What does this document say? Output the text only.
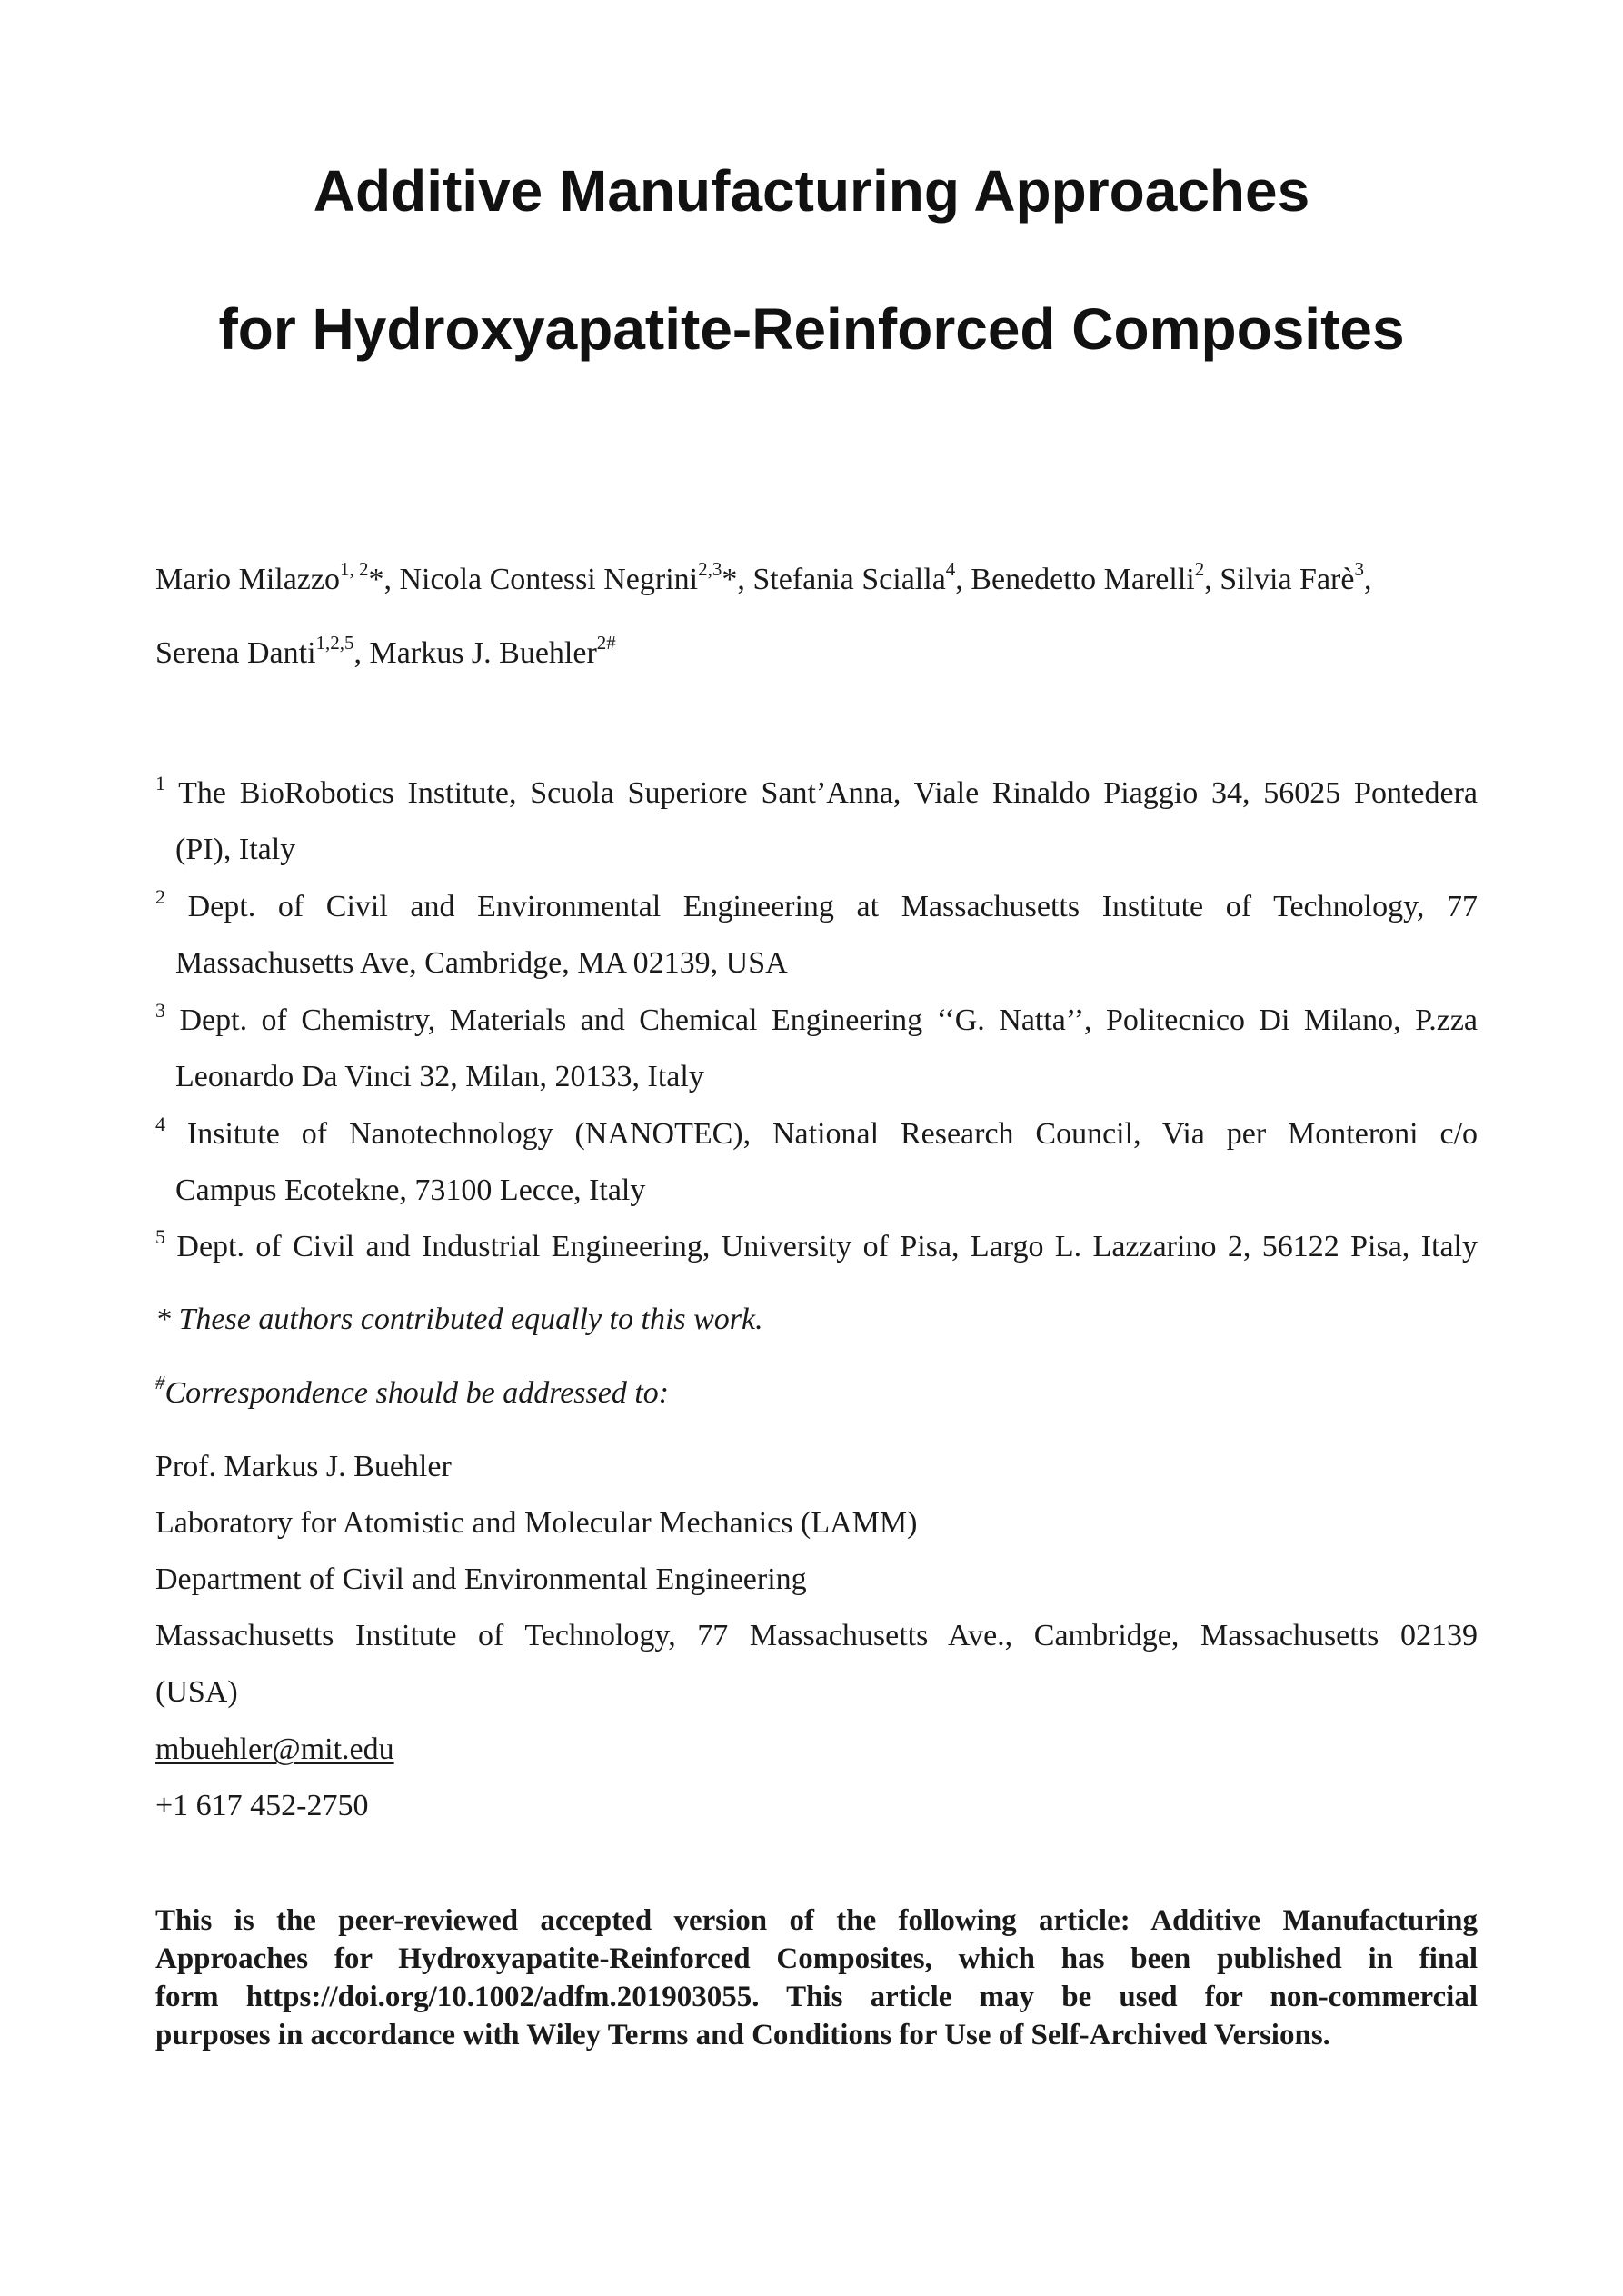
Additive Manufacturing Approaches
for Hydroxyapatite-Reinforced Composites
Mario Milazzo$^{1, 2}$*, Nicola Contessi Negrini$^{2,3}$*, Stefania Scialla$^4$, Benedetto Marelli$^2$, Silvia Farè$^3$,
Serena Danti$^{1,2,5}$, Markus J. Buehler$^{2\#}$
$^1$ The BioRobotics Institute, Scuola Superiore Sant’Anna, Viale Rinaldo Piaggio 34, 56025 Pontedera
(PI), Italy
$^2$ Dept. of Civil and Environmental Engineering at Massachusetts Institute of Technology, 77
Massachusetts Ave, Cambridge, MA 02139, USA
$^3$ Dept. of Chemistry, Materials and Chemical Engineering ‘‘G. Natta’’, Politecnico Di Milano, P.zza
Leonardo Da Vinci 32, Milan, 20133, Italy
$^4$ Insitute of Nanotechnology (NANOTEC), National Research Council, Via per Monteroni c/o
Campus Ecotekne, 73100 Lecce, Italy
$^5$ Dept. of Civil and Industrial Engineering, University of Pisa, Largo L. Lazzarino 2, 56122 Pisa, Italy
* These authors contributed equally to this work.
#Correspondence should be addressed to:
Prof. Markus J. Buehler
Laboratory for Atomistic and Molecular Mechanics (LAMM)
Department of Civil and Environmental Engineering
Massachusetts Institute of Technology, 77 Massachusetts Ave., Cambridge, Massachusetts 02139
(USA)
mbuehler@mit.edu
+1 617 452-2750
This is the peer-reviewed accepted version of the following article: Additive Manufacturing
Approaches for Hydroxyapatite-Reinforced Composites, which has been published in final
form https://doi.org/10.1002/adfm.201903055. This article may be used for non-commercial
purposes in accordance with Wiley Terms and Conditions for Use of Self-Archived Versions.
